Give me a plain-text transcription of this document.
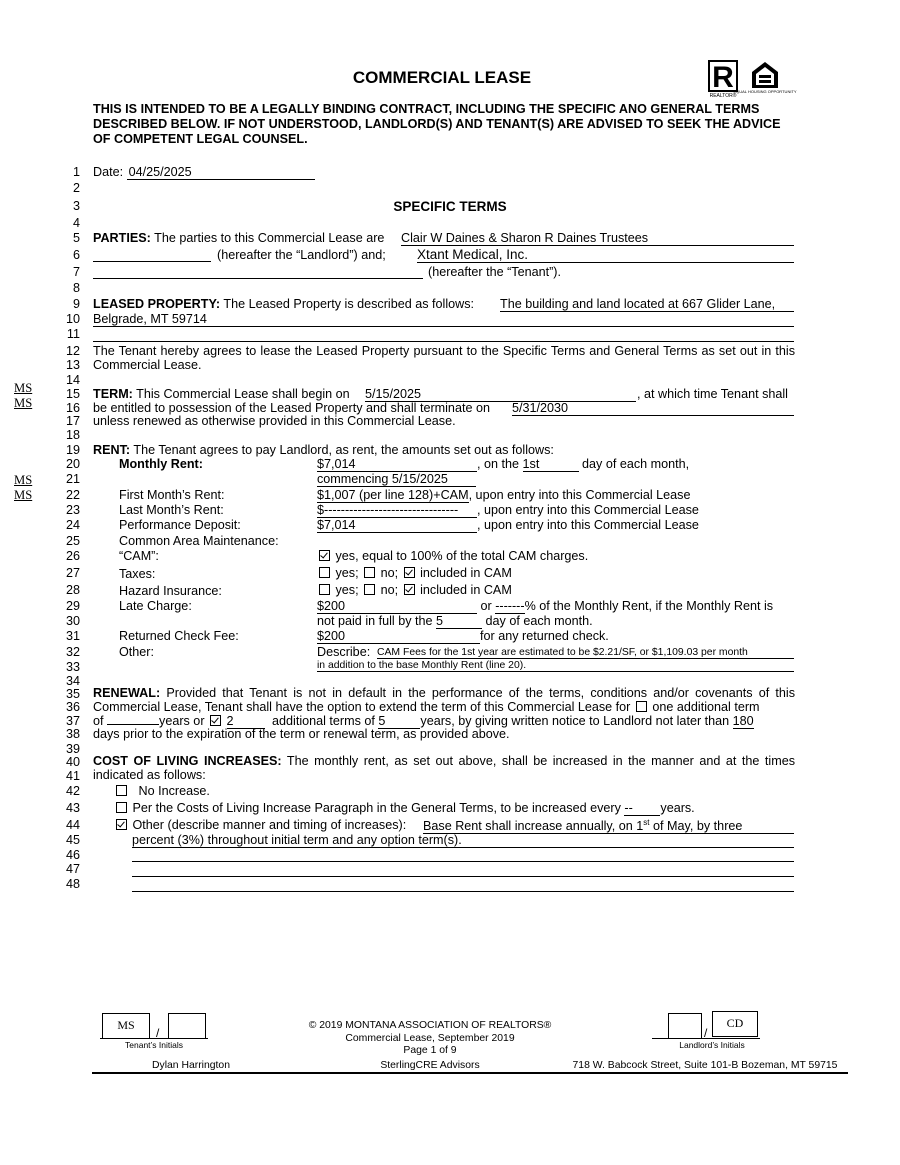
COMMERCIAL LEASE	R
REALTOR®
EQUAL HOUSING OPPORTUNITY
THIS IS INTENDED TO BE A LEGALLY BINDING CONTRACT, INCLUDING THE SPECIFIC ANO GENERAL TERMS DESCRIBED BELOW. IF NOT UNDERSTOOD, LANDLORD(S) AND TENANT(S) ARE ADVISED TO SEEK THE ADVICE OF COMPETENT LEGAL COUNSEL.
1
2
3
4
5
6
7
8
9
10
11
12
13
14
15
16
17
18
19
20
21
22
23
24
25
26
27
28
29
30
31
32
33
34
35
36
37
38
39
40
41
42
43
44
45
46
47
48
MS
MS
MS
MS
Date: 04/25/2025
SPECIFIC TERMS
PARTIES: The parties to this Commercial Lease are Clair W Daines & Sharon R Daines Trustees
(hereafter the “Landlord”) and; Xtant Medical, Inc.
(hereafter the “Tenant”).
LEASED PROPERTY: The Leased Property is described as follows: The building and land located at 667 Glider Lane,
Belgrade, MT 59714
The Tenant hereby agrees to lease the Leased Property pursuant to the Specific Terms and General Terms as set out in this Commercial Lease.
TERM: This Commercial Lease shall begin on 5/15/2025	, at which time Tenant shall
be entitled to possession of the Leased Property and shall terminate on 5/31/2030
unless renewed as otherwise provided in this Commercial Lease.
RENT: The Tenant agrees to pay Landlord, as rent, the amounts set out as follows:
Monthly Rent:	$7,014	, on the 1st	day of each month,
commencing 5/15/2025
First Month’s Rent:	$1,007 (per line 128)+CAM, upon entry into this Commercial Lease
Last Month’s Rent:	$-------------------------------- , upon entry into this Commercial Lease
Performance Deposit:	$7,014	, upon entry into this Commercial Lease
Common Area Maintenance:
“CAM”:	yes, equal to 100% of the total CAM charges.
Taxes:	yes; no; included in CAM
Hazard Insurance:	yes; no; included in CAM
Late Charge:	$200	or -------% of the Monthly Rent, if the Monthly Rent is
not paid in full by the 5	day of each month.
Returned Check Fee:	$200	for any returned check.
Other:	Describe: CAM Fees for the 1st year are estimated to be $2.21/SF, or $1,109.03 per month
in addition to the base Monthly Rent (line 20).
RENEWAL: Provided that Tenant is not in default in the performance of the terms, conditions and/or covenants of this Commercial Lease, Tenant shall have the option to extend the term of this Commercial Lease for one additional term
of	years or 2	additional terms of 5	years, by giving written notice to Landlord not later than 180
days prior to the expiration of the term or renewal term, as provided above.
COST OF LIVING INCREASES: The monthly rent, as set out above, shall be increased in the manner and at the times indicated as follows:
No Increase.
Per the Costs of Living Increase Paragraph in the General Terms, to be increased every -- years.
Other (describe manner and timing of increases): Base Rent shall increase annually, on 1st of May, by three
percent (3%) throughout initial term and any option term(s).
MS
/
Tenant’s Initials
/
CD
Landlord’s Initials
© 2019 MONTANA ASSOCIATION OF REALTORS®
Commercial Lease, September 2019
Page 1 of 9
Dylan Harrington	SterlingCRE Advisors	718 W. Babcock Street, Suite 101-B Bozeman, MT 59715
